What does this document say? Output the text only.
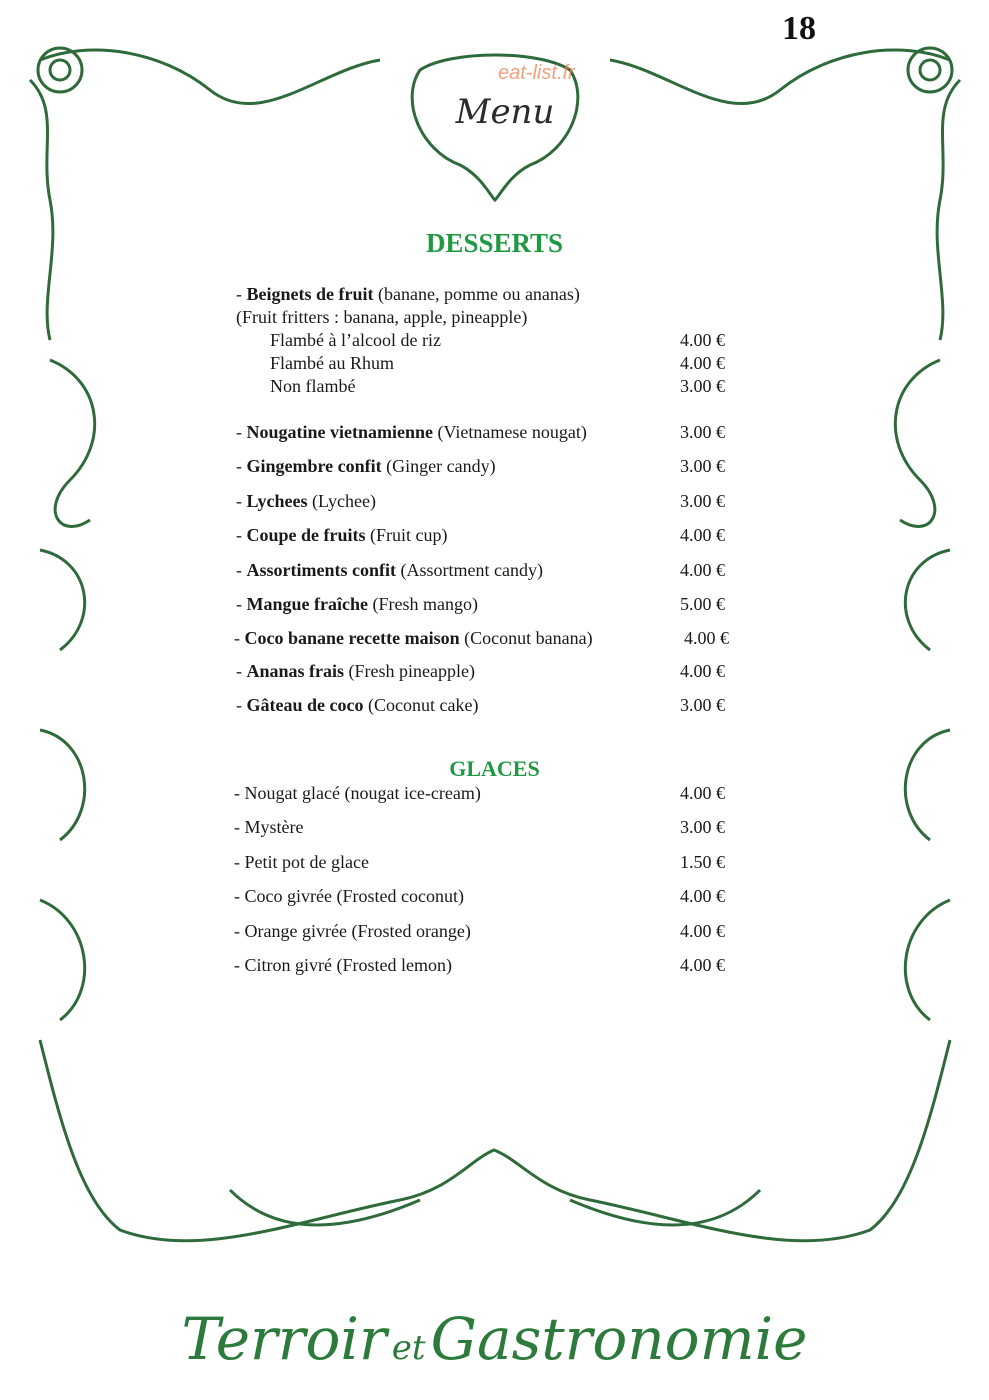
18
Menu
eat-list.fr
DESSERTS
- Beignets de fruit (banane, pomme ou ananas)
(Fruit fritters : banana, apple, pineapple)
Flambé à l’alcool de riz	4.00 €
Flambé au Rhum	4.00 €
Non flambé	3.00 €
- Nougatine vietnamienne (Vietnamese nougat)	3.00 €
- Gingembre confit (Ginger candy)	3.00 €
- Lychees (Lychee)	3.00 €
- Coupe de fruits (Fruit cup)	4.00 €
- Assortiments confit (Assortment candy)	4.00 €
- Mangue fraîche (Fresh mango)	5.00 €
- Coco banane recette maison (Coconut banana)	4.00 €
- Ananas frais (Fresh pineapple)	4.00 €
- Gâteau de coco (Coconut cake)	3.00 €
GLACES
- Nougat glacé (nougat ice-cream)	4.00 €
- Mystère	3.00 €
- Petit pot de glace	1.50 €
- Coco givrée (Frosted coconut)	4.00 €
- Orange givrée (Frosted orange)	4.00 €
- Citron givré (Frosted lemon)	4.00 €
Terroir et Gastronomie
